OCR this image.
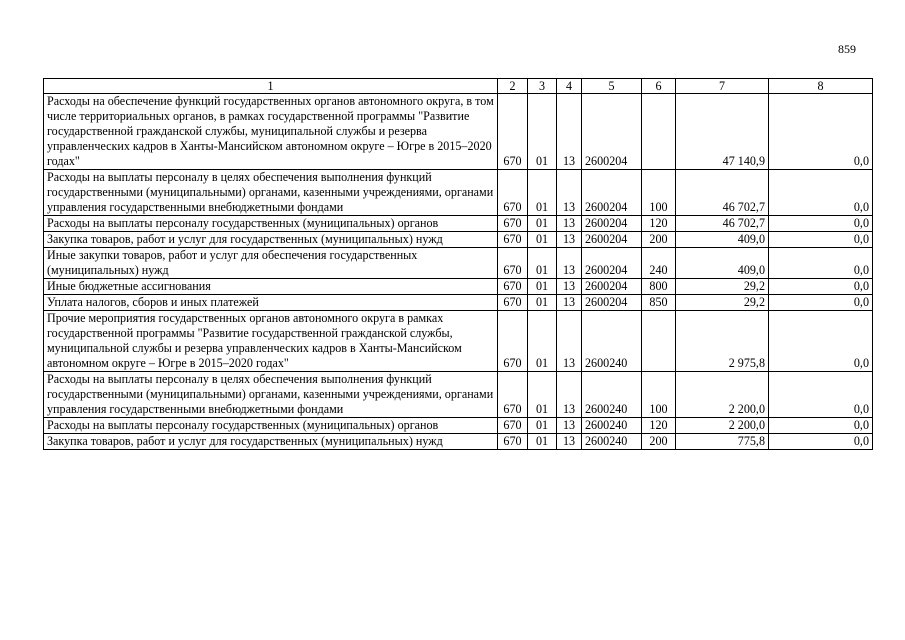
859
1	2	3	4	5	6	7	8
Расходы на обеспечение функций государственных органов автономного округа, в том числе территориальных органов, в рамках государственной программы "Развитие государственной гражданской службы, муниципальной службы и резерва управленческих кадров в Ханты-Мансийском автономном округе – Югре в 2015–2020 годах"	670	01	13	2600204		47 140,9	0,0
Расходы на выплаты персоналу в целях обеспечения выполнения функций государственными (муниципальными) органами, казенными учреждениями, органами управления государственными внебюджетными фондами	670	01	13	2600204	100	46 702,7	0,0
Расходы на выплаты персоналу государственных (муниципальных) органов	670	01	13	2600204	120	46 702,7	0,0
Закупка товаров, работ и услуг для государственных (муниципальных) нужд	670	01	13	2600204	200	409,0	0,0
Иные закупки товаров, работ и услуг для обеспечения государственных (муниципальных) нужд	670	01	13	2600204	240	409,0	0,0
Иные бюджетные ассигнования	670	01	13	2600204	800	29,2	0,0
Уплата налогов, сборов и иных платежей	670	01	13	2600204	850	29,2	0,0
Прочие мероприятия государственных органов автономного округа в рамках государственной программы "Развитие государственной гражданской службы, муниципальной службы и резерва управленческих кадров в Ханты-Мансийском автономном округе – Югре в 2015–2020 годах"	670	01	13	2600240		2 975,8	0,0
Расходы на выплаты персоналу в целях обеспечения выполнения функций государственными (муниципальными) органами, казенными учреждениями, органами управления государственными внебюджетными фондами	670	01	13	2600240	100	2 200,0	0,0
Расходы на выплаты персоналу государственных (муниципальных) органов	670	01	13	2600240	120	2 200,0	0,0
Закупка товаров, работ и услуг для государственных (муниципальных) нужд	670	01	13	2600240	200	775,8	0,0
